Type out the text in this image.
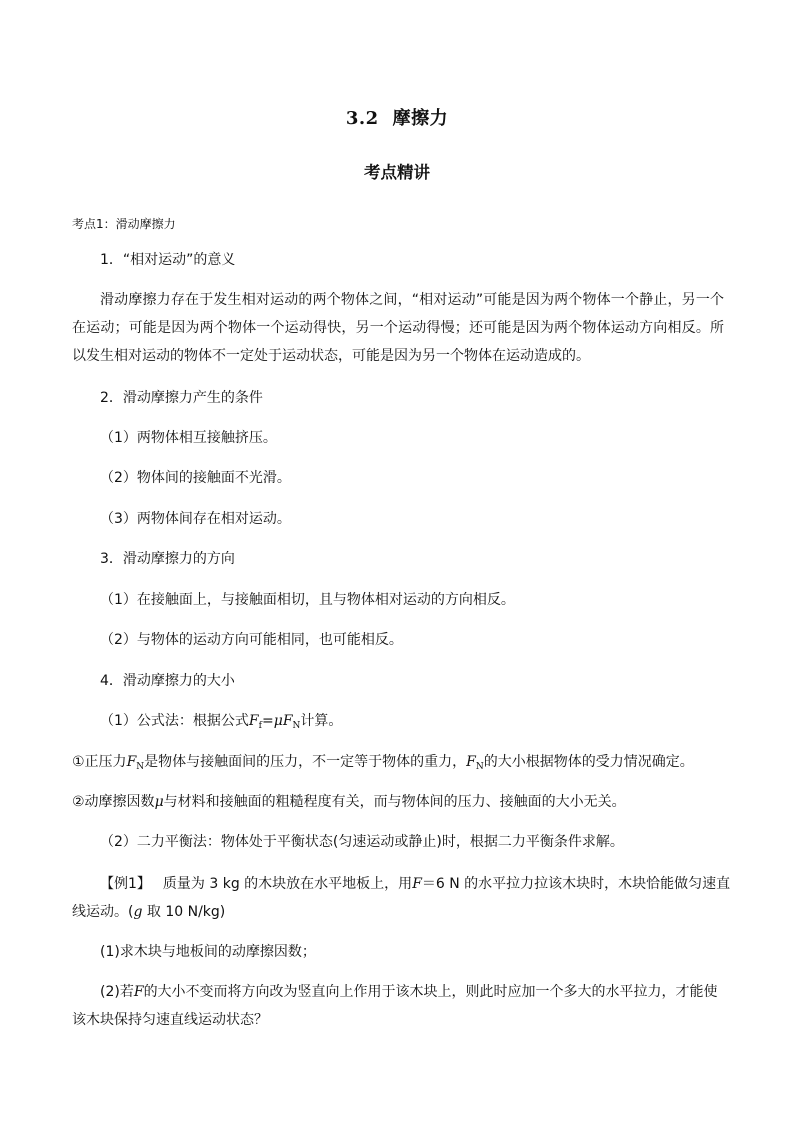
3.2 摩擦力
考点精讲
考点1：滑动摩擦力
1．“相对运动”的意义
滑动摩擦力存在于发生相对运动的两个物体之间，“相对运动”可能是因为两个物体一个静止，另一个在运动；可能是因为两个物体一个运动得快，另一个运动得慢；还可能是因为两个物体运动方向相反。所以发生相对运动的物体不一定处于运动状态，可能是因为另一个物体在运动造成的。
2．滑动摩擦力产生的条件
（1）两物体相互接触挤压。
（2）物体间的接触面不光滑。
（3）两物体间存在相对运动。
3．滑动摩擦力的方向
（1）在接触面上，与接触面相切，且与物体相对运动的方向相反。
（2）与物体的运动方向可能相同，也可能相反。
4．滑动摩擦力的大小
（1）公式法：根据公式$F_f=\mu F_N$计算。
①正压力$F_N$是物体与接触面间的压力，不一定等于物体的重力，$F_N$的大小根据物体的受力情况确定。
②动摩擦因数μ与材料和接触面的粗糙程度有关，而与物体间的压力、接触面的大小无关。
（2）二力平衡法：物体处于平衡状态(匀速运动或静止)时，根据二力平衡条件求解。
【例1】 质量为 3 kg 的木块放在水平地板上，用F＝6 N 的水平拉力拉该木块时，木块恰能做匀速直
线运动。(g 取 10 N/kg)
(1)求木块与地板间的动摩擦因数；
(2)若F的大小不变而将方向改为竖直向上作用于该木块上，则此时应加一个多大的水平拉力，才能使
该木块保持匀速直线运动状态？
